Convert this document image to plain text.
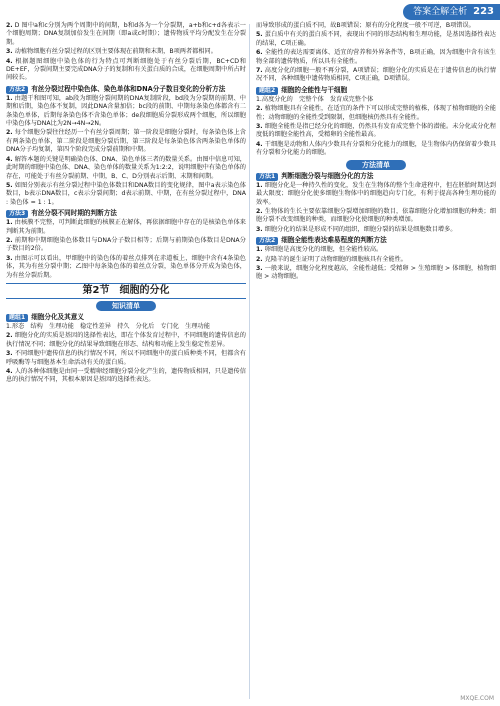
答案全解全析 223

2. D 图中a和c分别为两个周期中的间期，b和d各为一个分裂期，a+b和c+d各表示一个细胞周期；DNA复制加倍发生在间期（即a或c时期）；遗传物质平均分配发生在分裂期。

3. 动植物细胞有丝分裂过程的区别主要体现在前期和末期，B项两者都相同。

4. 根据题图细胞中染色体的行为特点可判断细胞处于有丝分裂后期，BC+CD和DE+EF，分裂间期主要完成DNA分子的复制和有关蛋白质的合成，在细胞周期中所占时间较长。

方法2 有丝分裂过程中染色体、染色单体和DNA分子数目变化的分析方法

1. 由题干和图可知，ab段为细胞分裂间期的DNA复制阶段，bd段为分裂期的前期、中期和后期，染色体不复制，因此DNA含量加倍；bc段的前期、中期每条染色体都含有二条染色单体，后期每条染色体不含染色单体；de段细胞质分裂形成两个细胞，所以细胞中染色体与DNA比为2N→4N→2N。

2. 每个细胞分裂往往经历一个有丝分裂周期；第一阶段是细胞分裂时，每条染色体上含有两条染色单体，第二阶段是细胞分裂后期，第三阶段是每条染色体含两条染色单体的DNA分子均复制，第四个阶段完成分裂前期和中期。

4. 解答本题的关键是明确染色体、DNA、染色单体三者的数量关系。由图中信息可知，此时期的细胞中染色体、DNA、染色单体的数量关系为1:2:2，说明细胞中有染色单体的存在，可能处于有丝分裂前期、中期，B、C、D分别表示后期、末期和间期。

5. 如图分别表示有丝分裂过程中染色体数目和DNA数目的变化规律，图中a表示染色体数目，b表示DNA数目，c表示分裂间期；d表示前期、中期，在有丝分裂过程中，DNA : 染色体 = 1 : 1。

方法3 有丝分裂不同时期的判断方法

1. 由核膜不完整，可判断此细胞的核膜正在解体，再依据细胞中存在的是核染色单体来判断其为前期。

2. 前期和中期细胞染色体数目与DNA分子数目相等；后期与前期染色体数目是DNA分子数目的2倍。

3. 由图示可以看出，甲细胞中的染色体的着丝点排列在赤道板上，细胞中含有4条染色体，其为有丝分裂中期；乙图中每条染色体的着丝点分裂，染色单体分开成为染色体，为有丝分裂后期。

第2节　细胞的分化
知识清单
题组1 细胞分化及其意义

1.形态　结构　生理功能　稳定性差异　持久　分化后　专门化　生理功能

2. 细胞分化的实质是基因的选择性表达，即在个体发育过程中，不同细胞的遗传信息的执行情况不同；细胞分化的结果导致细胞在形态、结构和功能上发生稳定性差异。

3. 不同细胞中遗传信息的执行情况不同，所以不同细胞中的蛋白质种类不同，但都含有呼吸酶等与细胞基本生命活动有关的蛋白质。

4. 人的各种体细胞是由同一受精卵经细胞分裂分化产生的，遗传物质相同，只是遗传信息的执行情况不同，其根本原因是基因的选择性表达。

而导致形成的蛋白质不同，故B项错误；原有的分化程度一般不可逆，B项错误。

5. 蛋白质中有关的蛋白质不同，表现出不同的形态结构和生理功能，是基因选择性表达的结果，C项正确。

6. 全能性的表达需要离体、适宜的营养和外界条件等，B项正确，因为细胞中含有该生物全部的遗传物质，所以具有全能性。

7. 高度分化的细胞一般不再分裂，A项错误；细胞分化的实质是在于遗传信息的执行情况不同，各种细胞中遗传物质相同，C项正确，D项错误。

题组2 细胞的全能性与干细胞

1.高度分化的　完整个体　发育成完整个体

2. 植物细胞具有全能性，在适宜的条件下可以形成完整的植株，体现了植物细胞的全能性；动物细胞的全能性受到限制，但细胞核仍然具有全能性。

3. 细胞全能性是指已经分化的细胞，仍然具有发育成完整个体的潜能。未分化或分化程度低的细胞全能性高，受精卵的全能性最高。

4. 干细胞是动物和人体内少数具有分裂和分化能力的细胞，是生物体内仍保留着少数具有分裂和分化能力的细胞。

方法清单
方法1 判断细胞分裂与细胞分化的方法

1. 细胞分化是一种持久性的变化，发生在生物体的整个生命进程中，但在胚胎时期达到最大限度；细胞分化使多细胞生物体中的细胞趋向专门化，有利于提高各种生理功能的效率。

2. 生物体的生长主要依靠细胞分裂增加细胞的数目，依靠细胞分化增加细胞的种类；细胞分裂不改变细胞的种类，而细胞分化使细胞的种类增加。

3. 细胞分化的结果是形成不同的组织，细胞分裂的结果是细胞数目增多。

方法2 细胞全能性表达难易程度的判断方法

1. 卵细胞是高度分化的细胞，但全能性较高。

2. 克隆羊的诞生证明了动物细胞的细胞核具有全能性。

3. 一般来说，细胞分化程度越高，全能性越低；受精卵 > 生殖细胞 > 体细胞，植物细胞 > 动物细胞。

MXQE.COM
